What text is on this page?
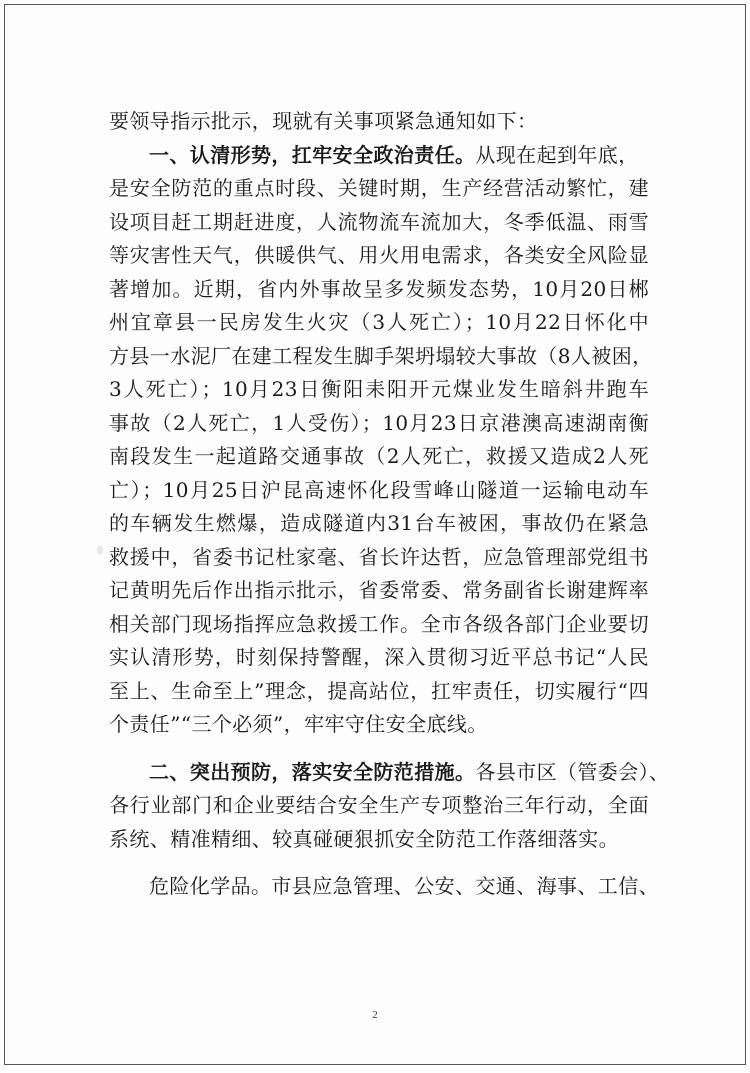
要领导指示批示，现就有关事项紧急通知如下：
一、认清形势，扛牢安全政治责任。从现在起到年底，
是安全防范的重点时段、关键时期，生产经营活动繁忙，建
设项目赶工期赶进度，人流物流车流加大，冬季低温、雨雪
等灾害性天气，供暖供气、用火用电需求，各类安全风险显
著增加。近期，省内外事故呈多发频发态势，10月20日郴
州宜章县一民房发生火灾（3人死亡）；10月22日怀化中
方县一水泥厂在建工程发生脚手架坍塌较大事故（8人被困，
3人死亡）；10月23日衡阳耒阳开元煤业发生暗斜井跑车
事故（2人死亡，1人受伤）；10月23日京港澳高速湖南衡
南段发生一起道路交通事故（2人死亡，救援又造成2人死
亡）；10月25日沪昆高速怀化段雪峰山隧道一运输电动车
的车辆发生燃爆，造成隧道内31台车被困，事故仍在紧急
救援中，省委书记杜家毫、省长许达哲，应急管理部党组书
记黄明先后作出指示批示，省委常委、常务副省长谢建辉率
相关部门现场指挥应急救援工作。全市各级各部门企业要切
实认清形势，时刻保持警醒，深入贯彻习近平总书记“人民
至上、生命至上”理念，提高站位，扛牢责任，切实履行“四
个责任”“三个必须”，牢牢守住安全底线。
二、突出预防，落实安全防范措施。各县市区（管委会）、
各行业部门和企业要结合安全生产专项整治三年行动，全面
系统、精准精细、较真碰硬狠抓安全防范工作落细落实。
危险化学品。市县应急管理、公安、交通、海事、工信、
2
